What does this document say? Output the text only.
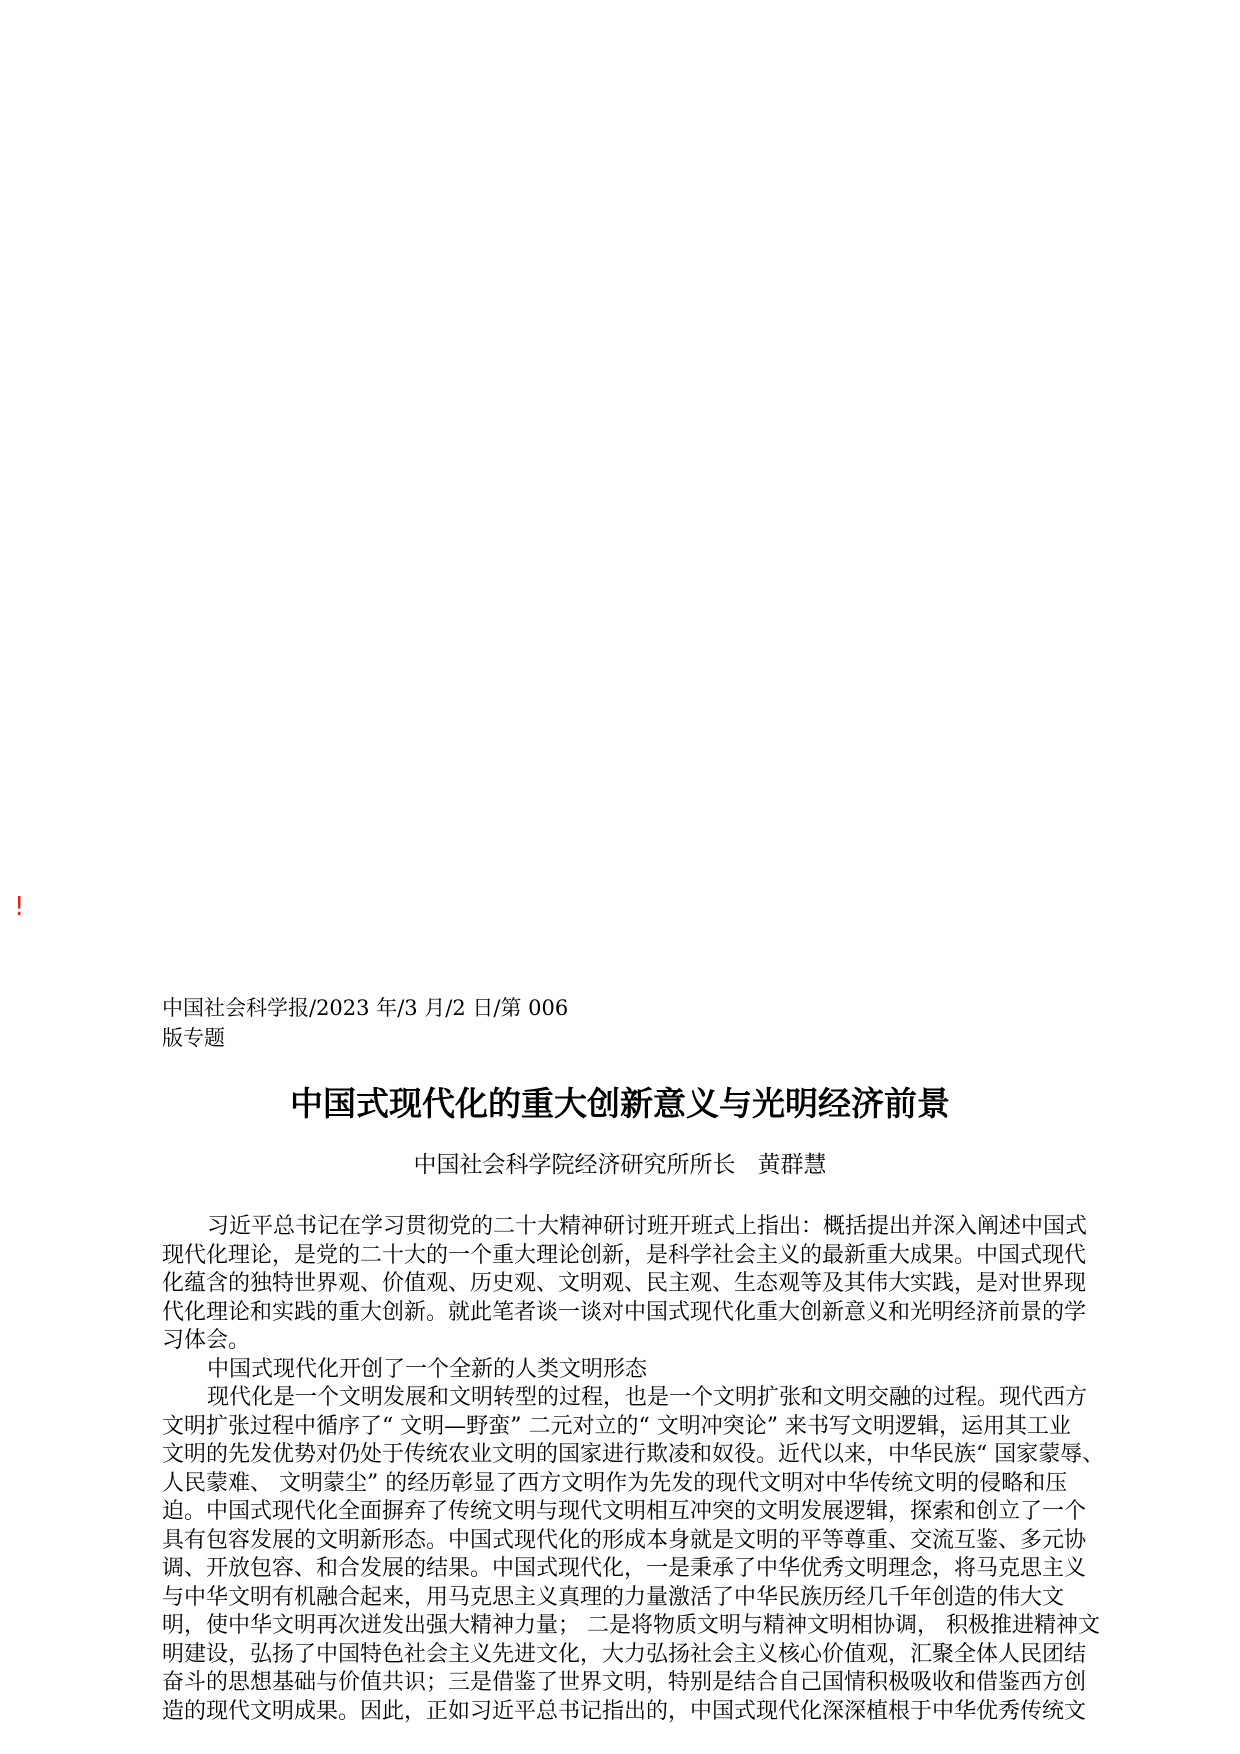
!
中国社会科学报/2023 年/3 月/2 日/第 006
版专题
中国式现代化的重大创新意义与光明经济前景
中国社会科学院经济研究所所长 黄群慧
习近平总书记在学习贯彻党的二十大精神研讨班开班式上指出：概括提出并深入阐述中国式
现代化理论，是党的二十大的一个重大理论创新，是科学社会主义的最新重大成果。中国式现代
化蕴含的独特世界观、价值观、历史观、文明观、民主观、生态观等及其伟大实践，是对世界现
代化理论和实践的重大创新。就此笔者谈一谈对中国式现代化重大创新意义和光明经济前景的学
习体会。
中国式现代化开创了一个全新的人类文明形态
现代化是一个文明发展和文明转型的过程，也是一个文明扩张和文明交融的过程。现代西方
文明扩张过程中循序了“ 文明—野蛮” 二元对立的“ 文明冲突论” 来书写文明逻辑，运用其工业
文明的先发优势对仍处于传统农业文明的国家进行欺凌和奴役。近代以来，中华民族“ 国家蒙辱、
人民蒙难、 文明蒙尘” 的经历彰显了西方文明作为先发的现代文明对中华传统文明的侵略和压
迫。中国式现代化全面摒弃了传统文明与现代文明相互冲突的文明发展逻辑，探索和创立了一个
具有包容发展的文明新形态。中国式现代化的形成本身就是文明的平等尊重、交流互鉴、多元协
调、开放包容、和合发展的结果。中国式现代化，一是秉承了中华优秀文明理念，将马克思主义
与中华文明有机融合起来，用马克思主义真理的力量激活了中华民族历经几千年创造的伟大文
明，使中华文明再次迸发出强大精神力量； 二是将物质文明与精神文明相协调， 积极推进精神文
明建设，弘扬了中国特色社会主义先进文化，大力弘扬社会主义核心价值观，汇聚全体人民团结
奋斗的思想基础与价值共识；三是借鉴了世界文明，特别是结合自己国情积极吸收和借鉴西方创
造的现代文明成果。因此，正如习近平总书记指出的，中国式现代化深深植根于中华优秀传统文
